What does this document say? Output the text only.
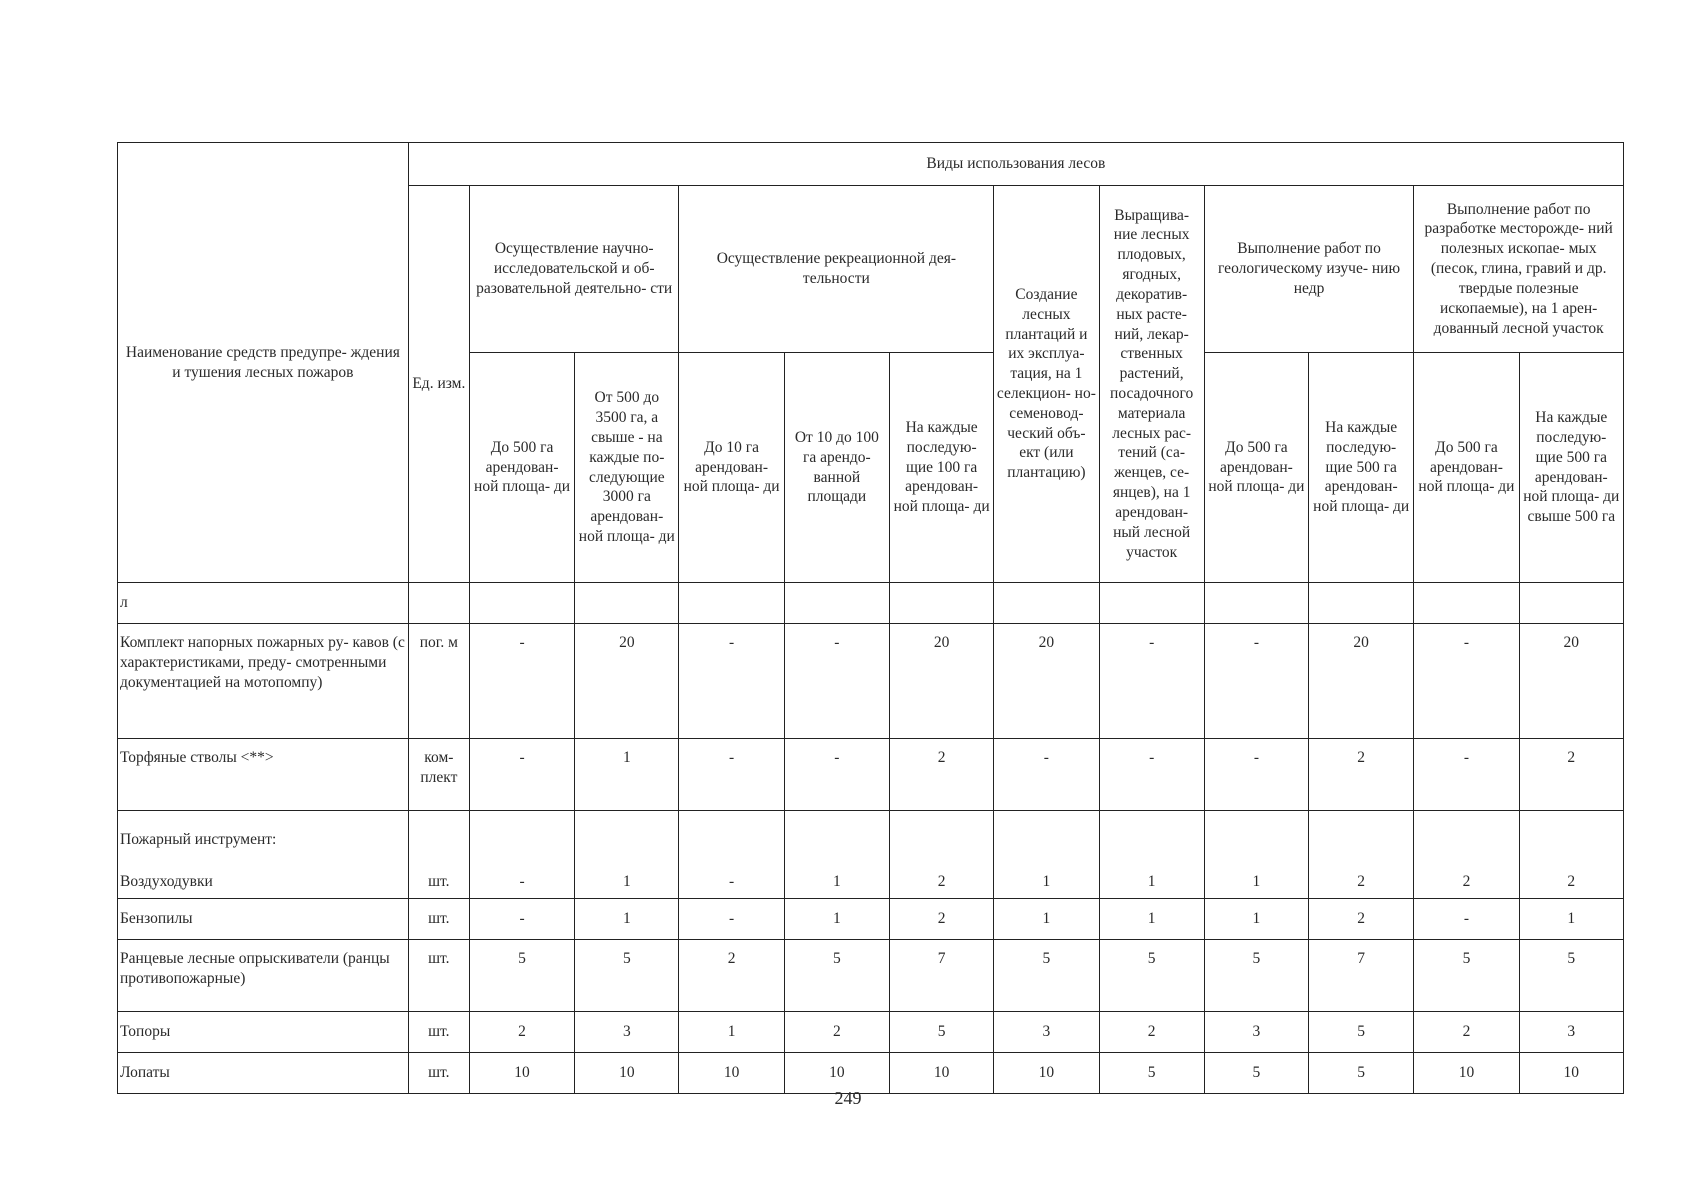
Наименование средств предупре- ждения и тушения лесных пожаров	Виды использования лесов											
	Ед. изм.	Осуществление научно- исследовательской и об- разовательной деятельно- сти		Осуществление рекреационной дея- тельности			Создание лесных плантаций и их эксплуа- тация, на 1 селекцион- но- семеновод- ческий объ- ект (или плантацию)	Выращива- ние лесных плодовых, ягодных, декоратив- ных расте- ний, лекар- ственных растений, посадочного материала лесных рас- тений (са- женцев, се- янцев), на 1 арендован- ный лесной участок	Выполнение работ по геологическому изуче- нию недр		Выполнение работ по разработке месторожде- ний полезных ископае- мых (песок, глина, гравий и др. твердые полезные ископаемые), на 1 арен- дованный лесной участок	
		До 500 га арендован- ной площа- ди	От 500 до 3500 га, а свыше - на каждые по- следующие 3000 га арендован- ной площа- ди	До 10 га арендован- ной площа- ди	От 10 до 100 га арендо- ванной площади	На каждые последую- щие 100 га арендован- ной площа- ди			До 500 га арендован- ной площа- ди	На каждые последую- щие 500 га арендован- ной площа- ди	До 500 га арендован- ной площа- ди	На каждые последую- щие 500 га арендован- ной площа- ди свыше 500 га
л												
Комплект напорных пожарных ру- кавов (с характеристиками, преду- смотренными документацией на мотопомпу)	пог. м	-	20	-	-	20	20	-	-	20	-	20
Торфяные стволы <**>	ком- плект	-	1	-	-	2	-	-	-	2	-	2

Пожарный инструмент:
Воздуходувки	шт.	-	1	-	1	2	1	1	1	2	2	2
Бензопилы	шт.	-	1	-	1	2	1	1	1	2	-	1
Ранцевые лесные опрыскиватели (ранцы противопожарные)	шт.	5	5	2	5	7	5	5	5	7	5	5
Топоры	шт.	2	3	1	2	5	3	2	3	5	2	3
Лопаты	шт.	10	10	10	10	10	10	5	5	5	10	10
249
